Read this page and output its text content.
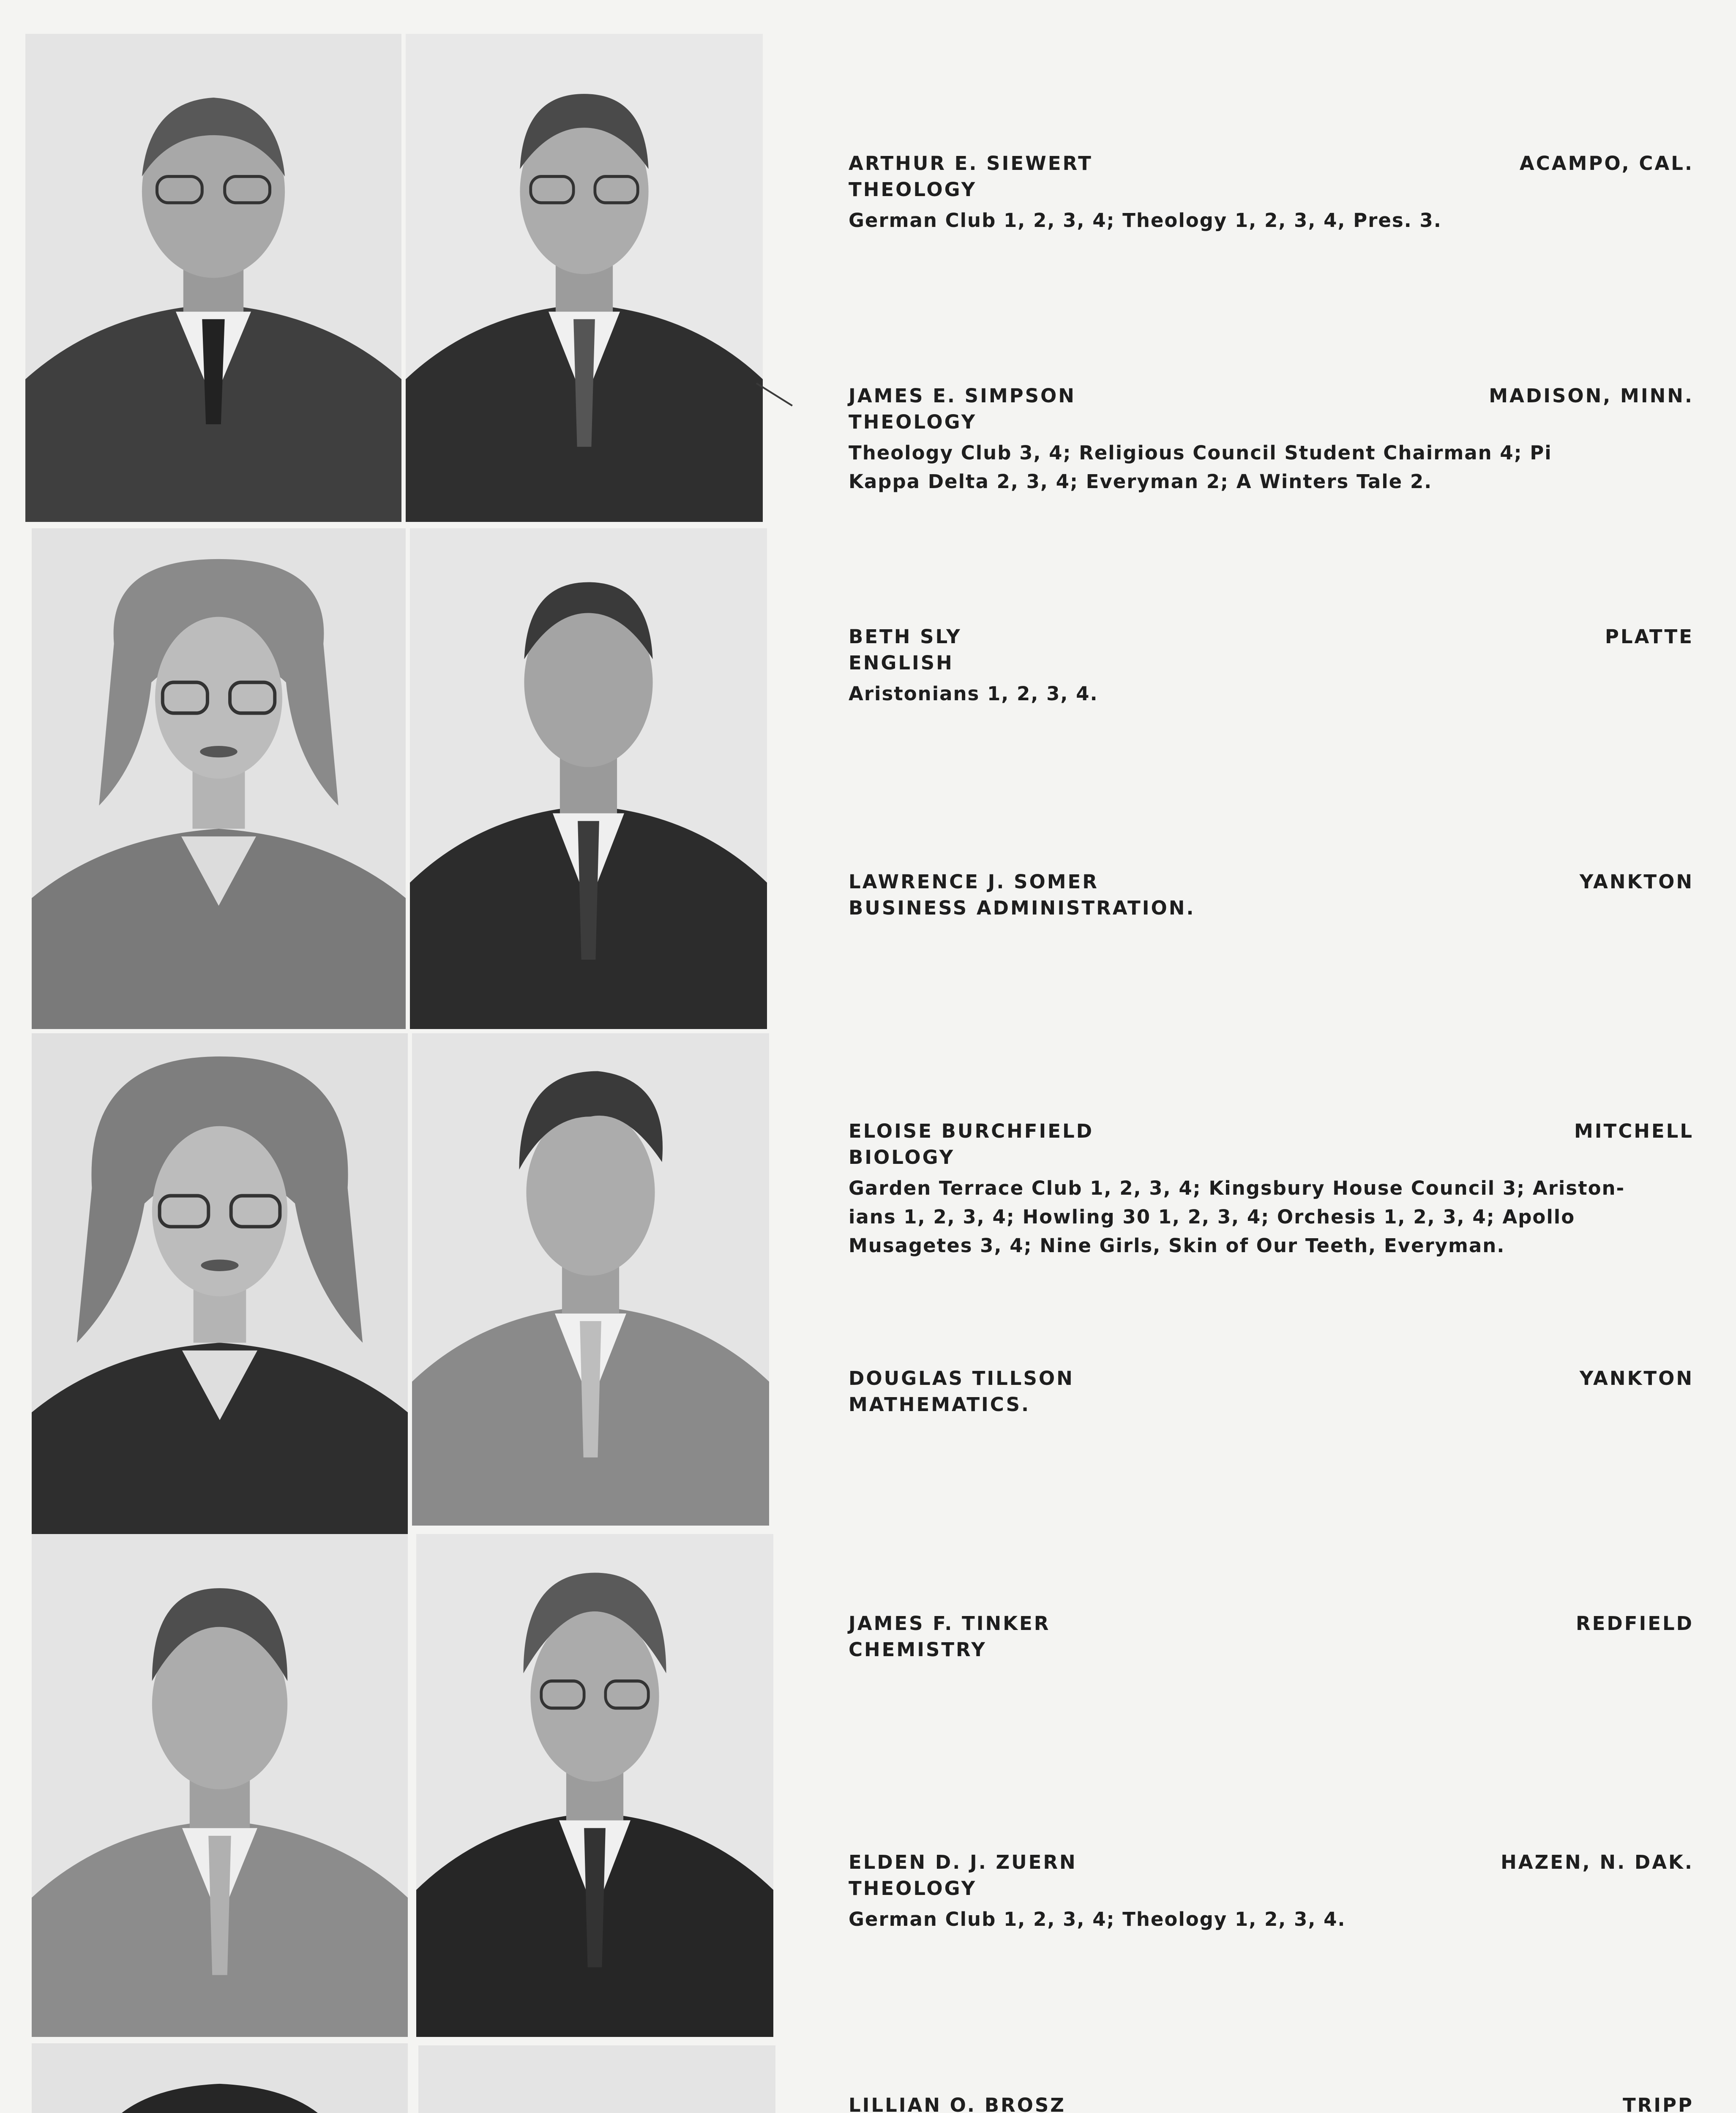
ARTHUR E. SIEWERT	ACAMPO, CAL.
THEOLOGY
German Club 1, 2, 3, 4; Theology 1, 2, 3, 4, Pres. 3.
JAMES E. SIMPSON	MADISON, MINN.
THEOLOGY
Theology Club 3, 4; Religious Council Student Chairman 4; Pi
Kappa Delta 2, 3, 4; Everyman 2; A Winters Tale 2.
BETH SLY	PLATTE
ENGLISH
Aristonians 1, 2, 3, 4.
LAWRENCE J. SOMER	YANKTON
BUSINESS ADMINISTRATION.
ELOISE BURCHFIELD	MITCHELL
BIOLOGY
Garden Terrace Club 1, 2, 3, 4; Kingsbury House Council 3; Ariston-
ians 1, 2, 3, 4; Howling 30 1, 2, 3, 4; Orchesis 1, 2, 3, 4; Apollo
Musagetes 3, 4; Nine Girls, Skin of Our Teeth, Everyman.
DOUGLAS TILLSON	YANKTON
MATHEMATICS.
JAMES F. TINKER	REDFIELD
CHEMISTRY
ELDEN D. J. ZUERN	HAZEN, N. DAK.
THEOLOGY
German Club 1, 2, 3, 4; Theology 1, 2, 3, 4.
LILLIAN O. BROSZ	TRIPP
